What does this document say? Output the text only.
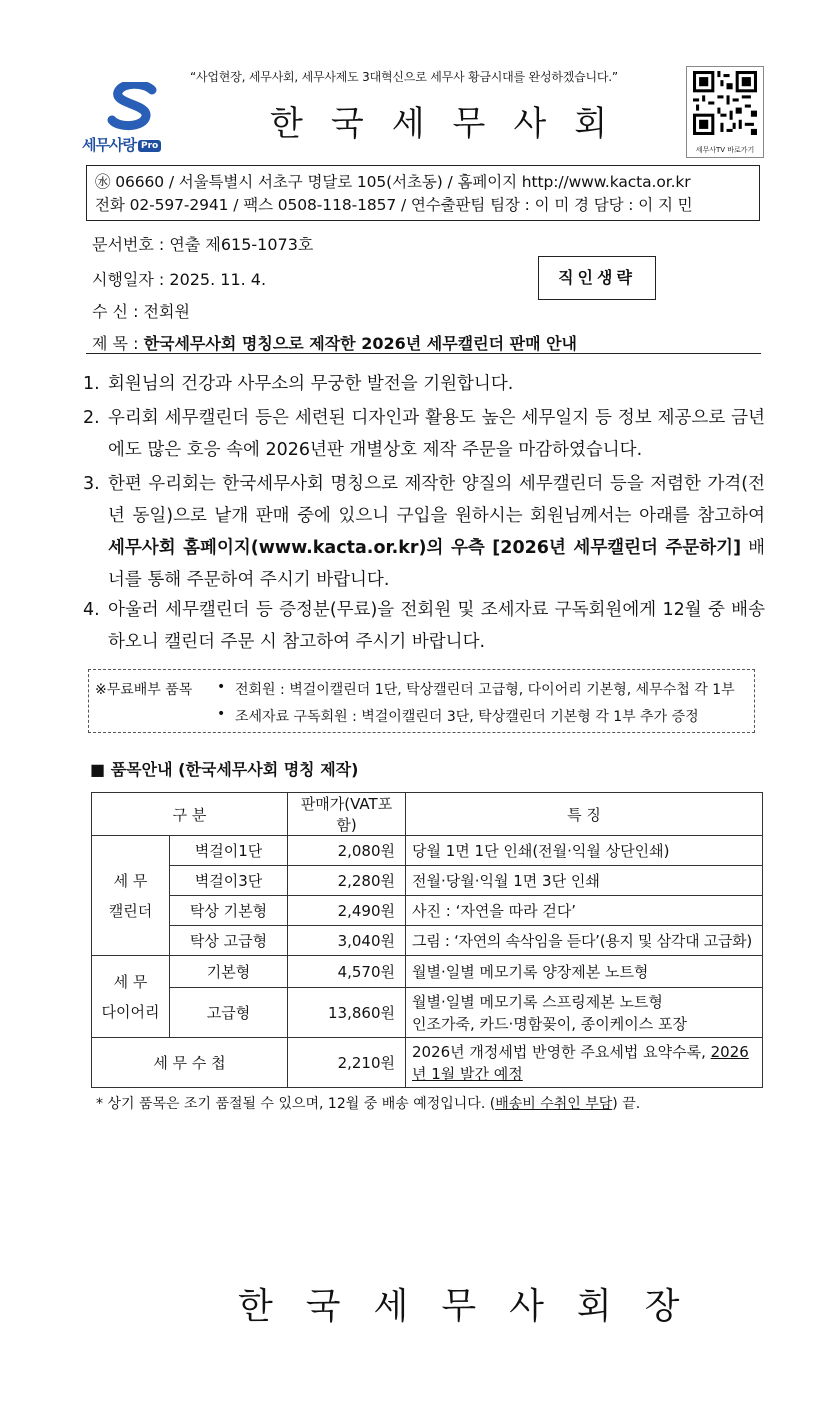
“사업현장, 세무사회, 세무사제도 3대혁신으로 세무사 황금시대를 완성하겠습니다.”
세무사랑 Pro
한국세무사회
세무사TV 바로가기
㊌ 06660 / 서울특별시 서초구 명달로 105(서초동) / 홈페이지 http://www.kacta.or.kr
전화 02-597-2941 / 팩스 0508-118-1857 / 연수출판팀 팀장 : 이 미 경 담당 : 이 지 민
문서번호 : 연출 제615-1073호
시행일자 : 2025. 11. 4.
수 신 : 전회원
제 목 : 한국세무사회 명칭으로 제작한 2026년 세무캘린더 판매 안내
직인생략
1. 회원님의 건강과 사무소의 무궁한 발전을 기원합니다.
2. 우리회 세무캘린더 등은 세련된 디자인과 활용도 높은 세무일지 등 정보 제공으로 금년에도 많은 호응 속에 2026년판 개별상호 제작 주문을 마감하였습니다.
3. 한편 우리회는 한국세무사회 명칭으로 제작한 양질의 세무캘린더 등을 저렴한 가격(전년 동일)으로 낱개 판매 중에 있으니 구입을 원하시는 회원님께서는 아래를 참고하여 세무사회 홈페이지(www.kacta.or.kr)의 우측 [2026년 세무캘린더 주문하기] 배너를 통해 주문하여 주시기 바랍니다.
4. 아울러 세무캘린더 등 증정분(무료)을 전회원 및 조세자료 구독회원에게 12월 중 배송하오니 캘린더 주문 시 참고하여 주시기 바랍니다.
※무료배부 품목 • 전회원 : 벽걸이캘린더 1단, 탁상캘린더 고급형, 다이어리 기본형, 세무수첩 각 1부
• 조세자료 구독회원 : 벽걸이캘린더 3단, 탁상캘린더 기본형 각 1부 추가 증정
■ 품목안내 (한국세무사회 명칭 제작)
구 분		판매가(VAT포함)	특 징

세 무
캘린더	벽걸이1단	2,080원	당월 1면 1단 인쇄(전월·익월 상단인쇄)
	벽걸이3단	2,280원	전월·당월·익월 1면 3단 인쇄
	탁상 기본형	2,490원	사진 : ‘자연을 따라 걷다’
	탁상 고급형	3,040원	그림 : ‘자연의 속삭임을 듣다’(용지 및 삼각대 고급화)

세 무
다이어리	기본형	4,570원	월별·일별 메모기록 양장제본 노트형
	고급형	13,860원	월별·일별 메모기록 스프링제본 노트형
인조가죽, 카드·명함꽂이, 종이케이스 포장

세 무 수 첩		2,210원	2026년 개정세법 반영한 주요세법 요약수록, 2026년 1월 발간 예정
* 상기 품목은 조기 품절될 수 있으며, 12월 중 배송 예정입니다. (배송비 수취인 부담) 끝.
한국세무사회장
